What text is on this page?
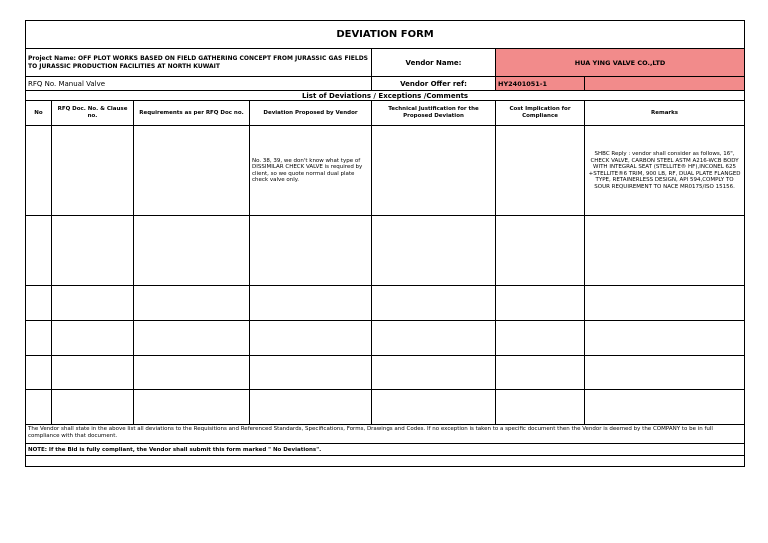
DEVIATION FORM						
Project Name: OFF PLOT WORKS BASED ON FIELD GATHERING CONCEPT FROM JURASSIC GAS FIELDS TO JURASSIC PRODUCTION FACILITIES AT NORTH KUWAIT				Vendor Name:	HUA YING VALVE CO.,LTD	
RFQ No. Manual Valve				Vendor Offer ref:	HY2401051-1	
List of Deviations / Exceptions /Comments						
No	RFQ Doc. No. & Clause no.	Requirements as per RFQ Doc no.	Deviation Proposed by Vendor	Technical Justification for the Proposed Deviation	Cost Implication for Compliance	Remarks
			No. 38, 39, we don't know what type of DISSIMILAR CHECK VALVE is required by client, so we quote normal dual plate check valve only.			SHBC Reply : vendor shall consider as follows, 16", CHECK VALVE, CARBON STEEL ASTM A216-WCB BODY WITH INTEGRAL SEAT (STELLITE® HF),INCONEL 625 +STELLITE®6 TRIM, 900 LB, RF, DUAL PLATE FLANGED TYPE, RETAINERLESS DESIGN, API 594,COMPLY TO SOUR REQUIREMENT TO NACE MR0175/ISO 15156.

The Vendor shall state in the above list all deviations to the Requisitions and Referenced Standards, Specifications, Forms, Drawings and Codes. If no exception is taken to a specific document then the Vendor is deemed by the COMPANY to be in full compliance with that document.						
NOTE: If the Bid is fully compliant, the Vendor shall submit this form marked " No Deviations".						
